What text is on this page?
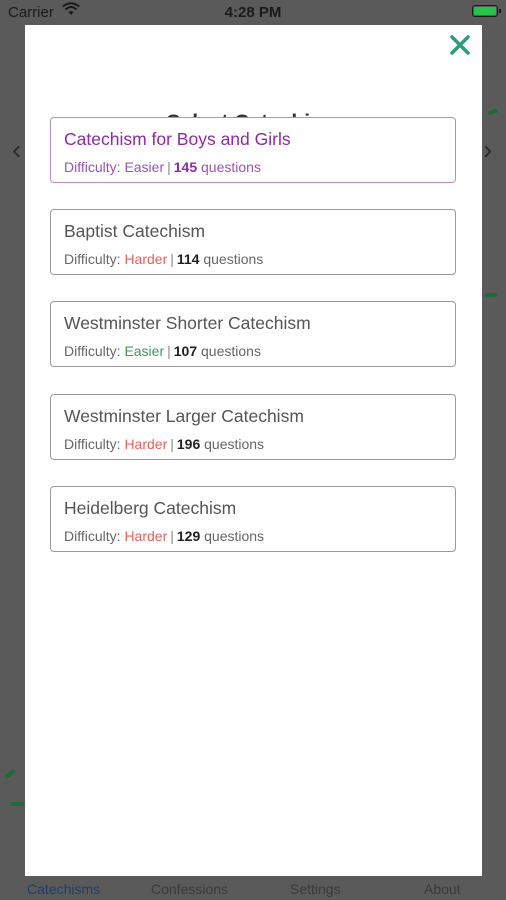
Carrier	4:28 PM
‹	›
Catechisms	Confessions	Settings	About
Catechism for Boys and Girls
Difficulty: Easier | 145 questions
Baptist Catechism
Difficulty: Harder | 114 questions
Westminster Shorter Catechism
Difficulty: Easier | 107 questions
Westminster Larger Catechism
Difficulty: Harder | 196 questions
Heidelberg Catechism
Difficulty: Harder | 129 questions
